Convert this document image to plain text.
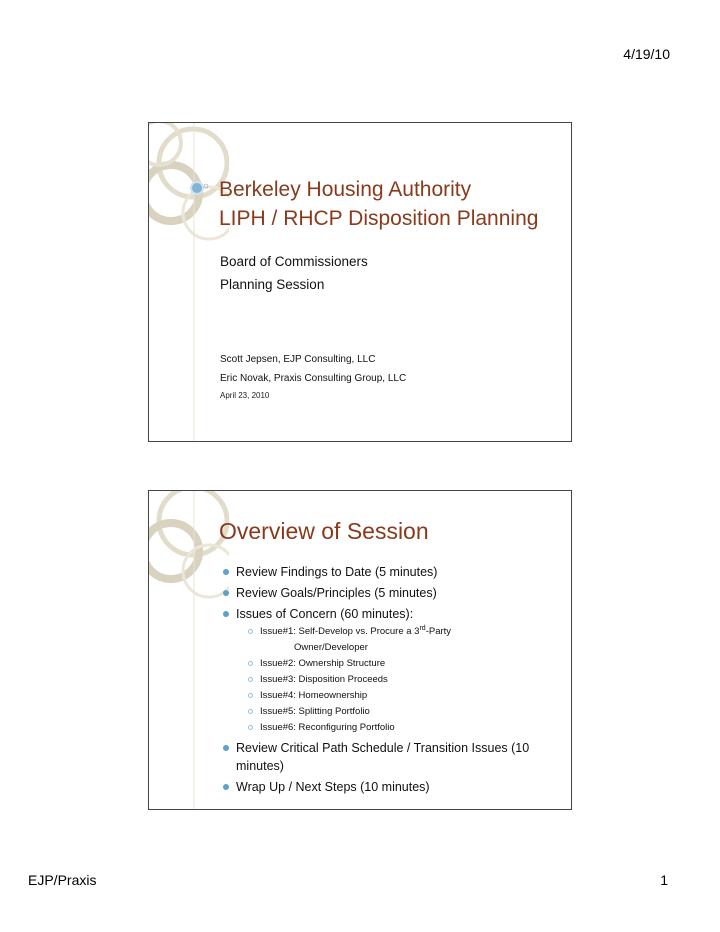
4/19/10
Berkeley Housing Authority
LIPH / RHCP Disposition Planning
Board of Commissioners
Planning Session
Scott Jepsen, EJP Consulting, LLC
Eric Novak, Praxis Consulting Group, LLC
April 23, 2010
Overview of Session
Review Findings to Date (5 minutes)
Review Goals/Principles (5 minutes)
Issues of Concern (60 minutes):
Issue#1: Self-Develop vs. Procure a 3rd-Party
Owner/Developer
Issue#2: Ownership Structure
Issue#3: Disposition Proceeds
Issue#4: Homeownership
Issue#5: Splitting Portfolio
Issue#6: Reconfiguring Portfolio
Review Critical Path Schedule / Transition Issues (10 minutes)
Wrap Up / Next Steps (10 minutes)
EJP/Praxis	1
